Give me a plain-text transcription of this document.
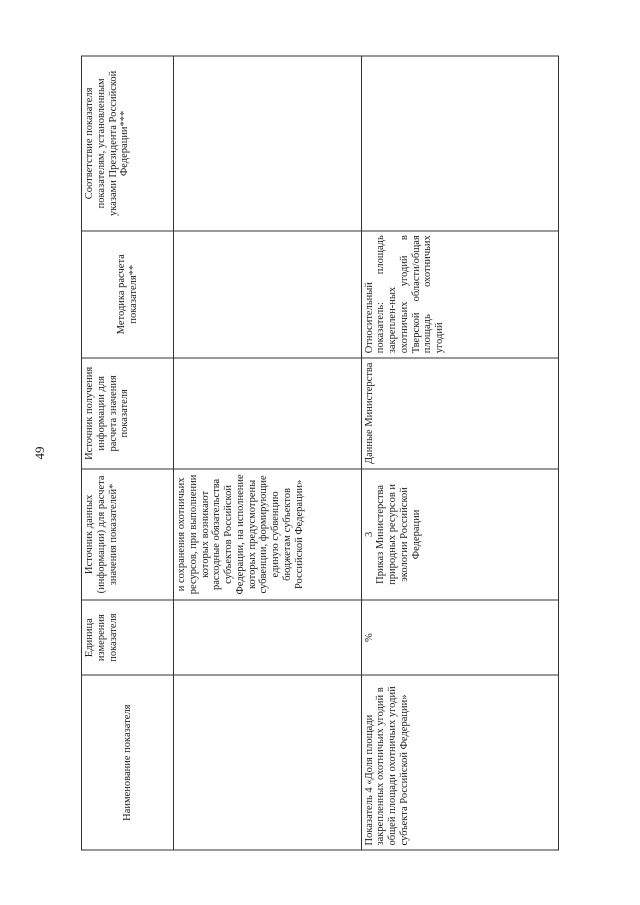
49
Наименование показателя	Единица измерения показателя	Источник данных (информации) для расчета значения показателей*	Источник получения информации для расчета значения показателя	Методика расчета показателя**	Соответствие показателя показателям, установленным указами Президента Российской Федерации***
		и сохранения охотничьих ресурсов, при выполнении которых возникают расходные обязательства субъектов Российской Федерации, на исполнение которых предусмотрены субвенции, формирующие единую субвенцию бюджетам субъектов Российской Федерации»			
Показатель 4 «Доля площади закрепленных охотничьих угодий в общей площади охотничьих угодий субъекта Российской Федерации»	%	3 Приказ Министерства природных ресурсов и экологии Российской Федерации	Данные Министерства	Относительный показатель: площадь закреплен-ных охотничьих угодий в Тверской области/общая площадь охотничьих угодий	
